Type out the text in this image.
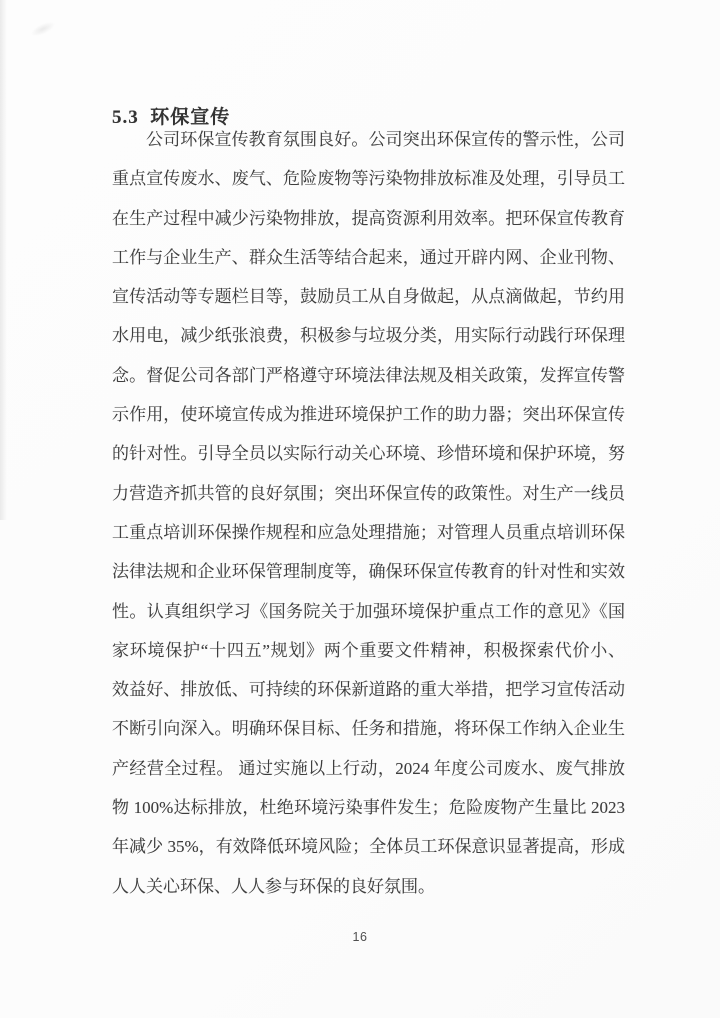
5.3  环保宣传
公司环保宣传教育氛围良好。公司突出环保宣传的警示性，公司
重点宣传废水、废气、危险废物等污染物排放标准及处理，引导员工
在生产过程中减少污染物排放，提高资源利用效率。把环保宣传教育
工作与企业生产、群众生活等结合起来，通过开辟内网、企业刊物、
宣传活动等专题栏目等，鼓励员工从自身做起，从点滴做起，节约用
水用电，减少纸张浪费，积极参与垃圾分类，用实际行动践行环保理
念。督促公司各部门严格遵守环境法律法规及相关政策，发挥宣传警
示作用，使环境宣传成为推进环境保护工作的助力器；突出环保宣传
的针对性。引导全员以实际行动关心环境、珍惜环境和保护环境，努
力营造齐抓共管的良好氛围；突出环保宣传的政策性。对生产一线员
工重点培训环保操作规程和应急处理措施；对管理人员重点培训环保
法律法规和企业环保管理制度等，确保环保宣传教育的针对性和实效
性。认真组织学习《国务院关于加强环境保护重点工作的意见》《国
家环境保护“十四五”规划》两个重要文件精神，积极探索代价小、
效益好、排放低、可持续的环保新道路的重大举措，把学习宣传活动
不断引向深入。明确环保目标、任务和措施，将环保工作纳入企业生
产经营全过程。 通过实施以上行动，2024 年度公司废水、废气排放
物 100%达标排放，杜绝环境污染事件发生；危险废物产生量比 2023
年减少 35%，有效降低环境风险；全体员工环保意识显著提高，形成
人人关心环保、人人参与环保的良好氛围。
16
